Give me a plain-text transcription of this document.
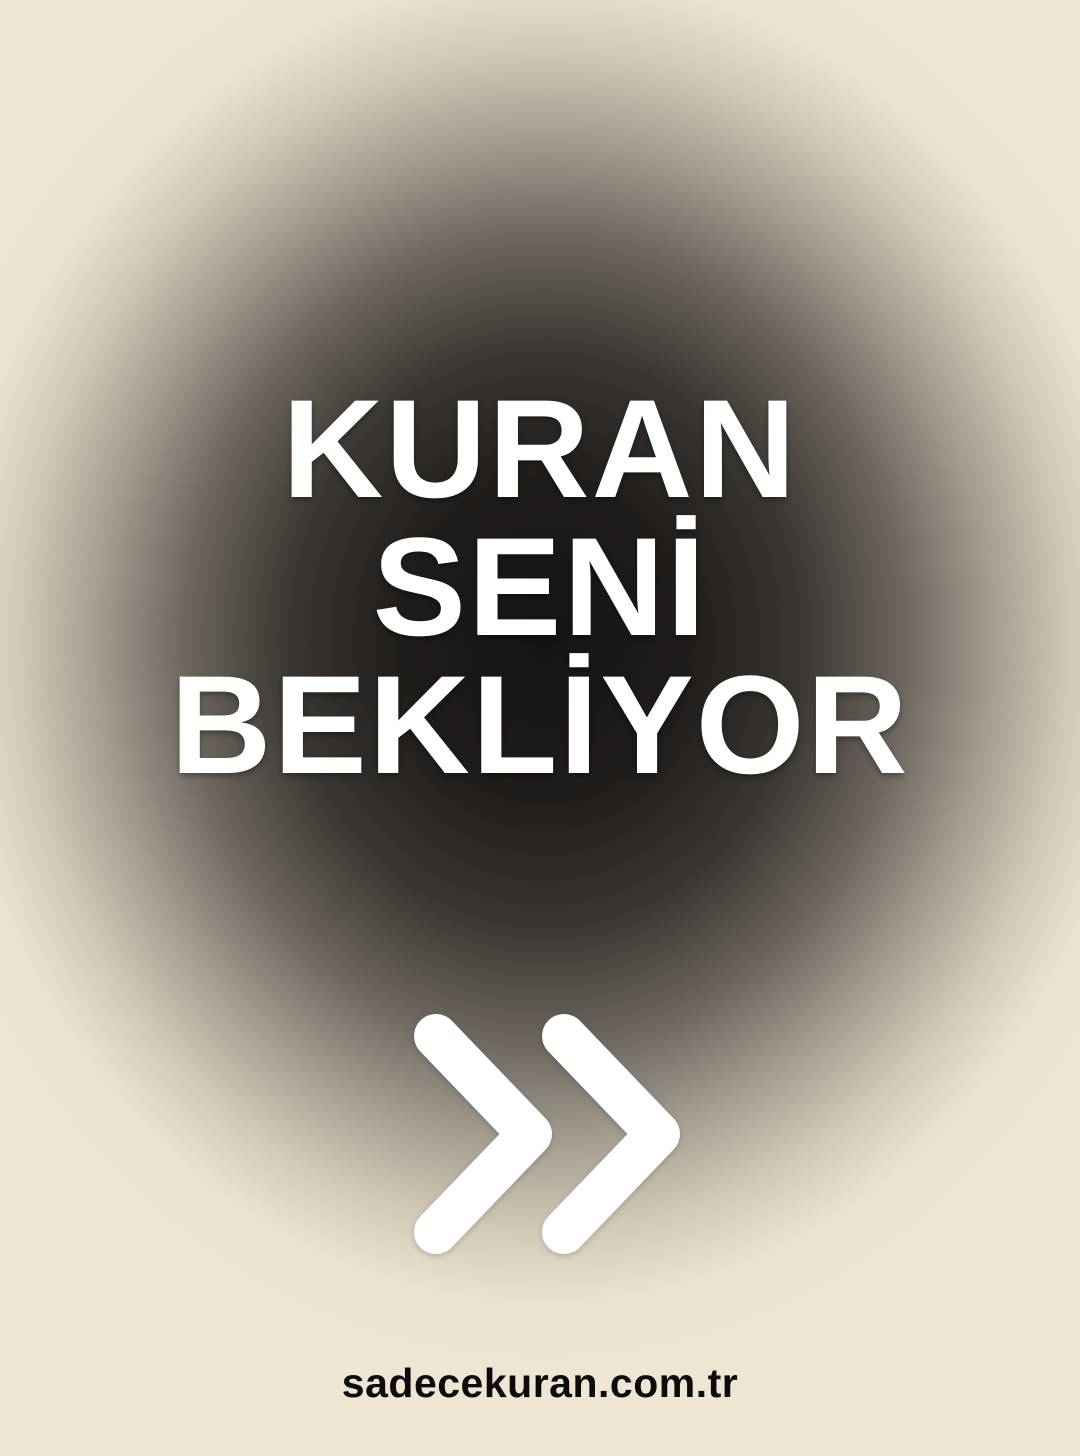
KURAN
SENİ
BEKLİYOR
sadecekuran.com.tr
